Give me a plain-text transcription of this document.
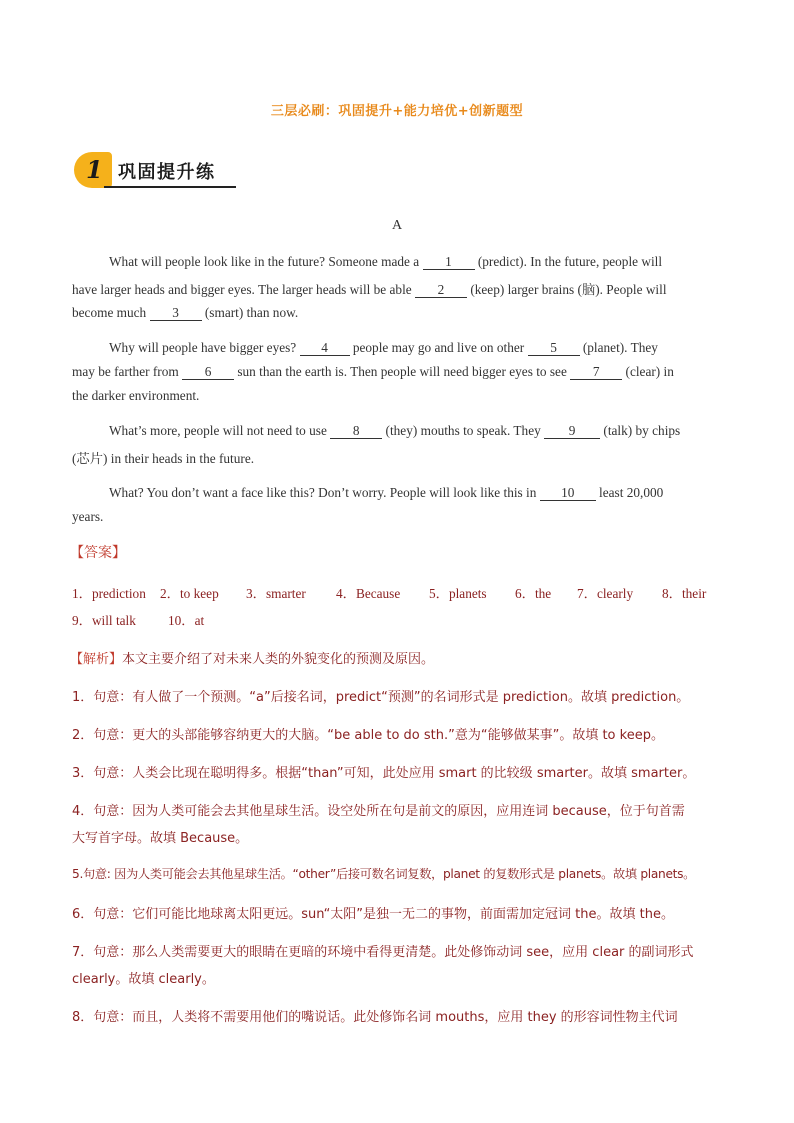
三层必刷：巩固提升+能力培优+创新题型
1 巩固提升练
A
What will people look like in the future? Someone made a 1 (predict). In the future, people will
have larger heads and bigger eyes. The larger heads will be able 2 (keep) larger brains (脑). People will
become much 3 (smart) than now.
Why will people have bigger eyes? 4 people may go and live on other 5 (planet). They
may be farther from 6 sun than the earth is. Then people will need bigger eyes to see 7 (clear) in
the darker environment.
What’s more, people will not need to use 8 (they) mouths to speak. They 9 (talk) by chips
(芯片) in their heads in the future.
What? You don’t want a face like this? Don’t worry. People will look like this in 10 least 20,000
years.
【答案】
1．prediction 2．to keep 3．smarter 4．Because 5．planets 6．the 7．clearly 8．their
9．will talk 10．at
【解析】本文主要介绍了对未来人类的外貌变化的预测及原因。
1．句意：有人做了一个预测。“a”后接名词，predict“预测”的名词形式是 prediction。故填 prediction。
2．句意：更大的头部能够容纳更大的大脑。“be able to do sth.”意为“能够做某事”。故填 to keep。
3．句意：人类会比现在聪明得多。根据“than”可知，此处应用 smart 的比较级 smarter。故填 smarter。
4．句意：因为人类可能会去其他星球生活。设空处所在句是前文的原因，应用连词 because，位于句首需
大写首字母。故填 Because。
5.句意: 因为人类可能会去其他星球生活。“other”后接可数名词复数，planet 的复数形式是 planets。故填 planets。
6．句意：它们可能比地球离太阳更远。sun“太阳”是独一无二的事物，前面需加定冠词 the。故填 the。
7．句意：那么人类需要更大的眼睛在更暗的环境中看得更清楚。此处修饰动词 see，应用 clear 的副词形式
clearly。故填 clearly。
8．句意：而且，人类将不需要用他们的嘴说话。此处修饰名词 mouths，应用 they 的形容词性物主代词
